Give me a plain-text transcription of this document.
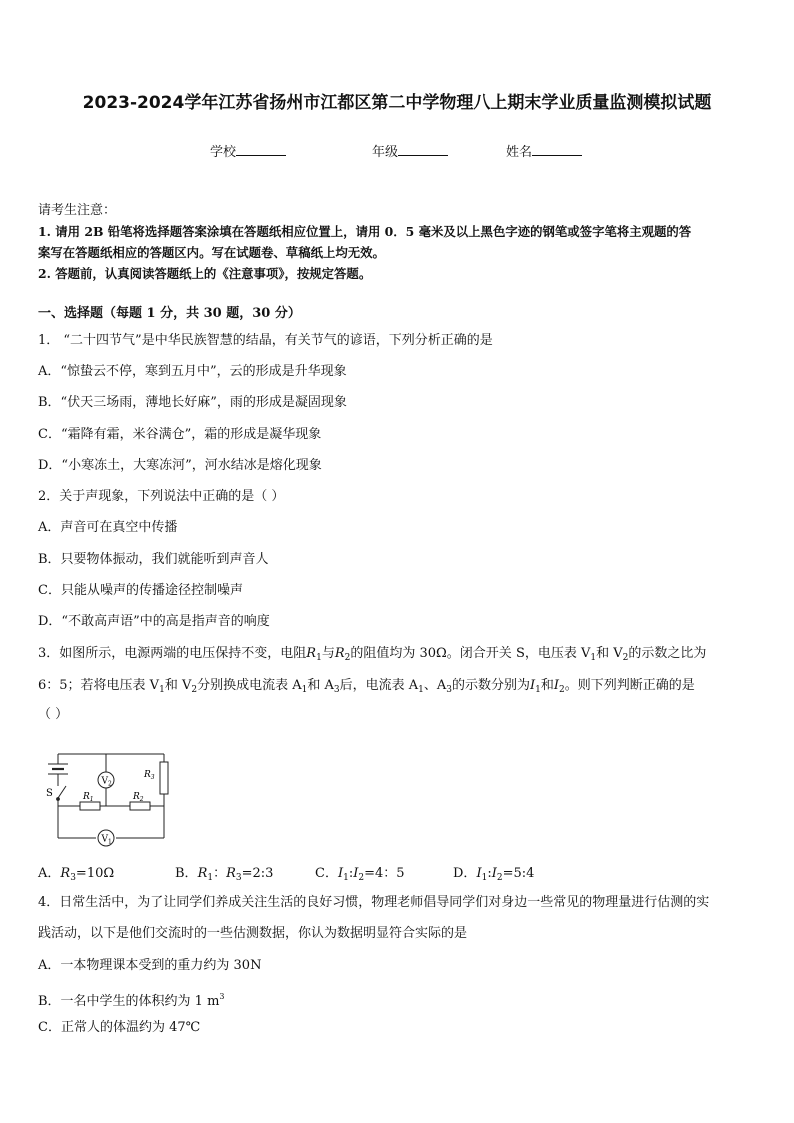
2023-2024学年江苏省扬州市江都区第二中学物理八上期末学业质量监测模拟试题
学校	年级	姓名
请考生注意：
1. 请用 2B 铅笔将选择题答案涂填在答题纸相应位置上，请用 0．5 毫米及以上黑色字迹的钢笔或签字笔将主观题的答
案写在答题纸相应的答题区内。写在试题卷、草稿纸上均无效。
2. 答题前，认真阅读答题纸上的《注意事项》，按规定答题。
一、选择题（每题 1 分，共 30 题，30 分）
1． “二十四节气”是中华民族智慧的结晶，有关节气的谚语，下列分析正确的是
A．“惊蛰云不停，寒到五月中”，云的形成是升华现象
B．“伏天三场雨，薄地长好麻”，雨的形成是凝固现象
C．“霜降有霜，米谷满仓”，霜的形成是凝华现象
D．“小寒冻土，大寒冻河”，河水结冰是熔化现象
2．关于声现象，下列说法中正确的是（ ）
A．声音可在真空中传播
B．只要物体振动，我们就能听到声音人
C．只能从噪声的传播途径控制噪声
D．“不敢高声语”中的高是指声音的响度
3．如图所示，电源两端的电压保持不变，电阻$R_1$与$R_2$的阻值均为 30Ω。闭合开关 S，电压表 $V_1$和 $V_2$的示数之比为
6：5；若将电压表 $V_1$和 $V_2$分别换成电流表 $A_1$和 $A_3$后，电流表 $A_1$、$A_3$的示数分别为$I_1$和$I_2$。则下列判断正确的是
（ ）
$V_2$
$V_1$
$R_1$	$R_2$
$R_3$
S
A．$R_3=10\Omega$	B．$R_1$：$R_3=2:3$	C．$I_1:I_2=4$：5	D．$I_1:I_2=5:4$
4．日常生活中，为了让同学们养成关注生活的良好习惯，物理老师倡导同学们对身边一些常见的物理量进行估测的实
践活动，以下是他们交流时的一些估测数据，你认为数据明显符合实际的是
A．一本物理课本受到的重力约为 30N
B．一名中学生的体积约为 1 $m^3$
C．正常人的体温约为 47℃
